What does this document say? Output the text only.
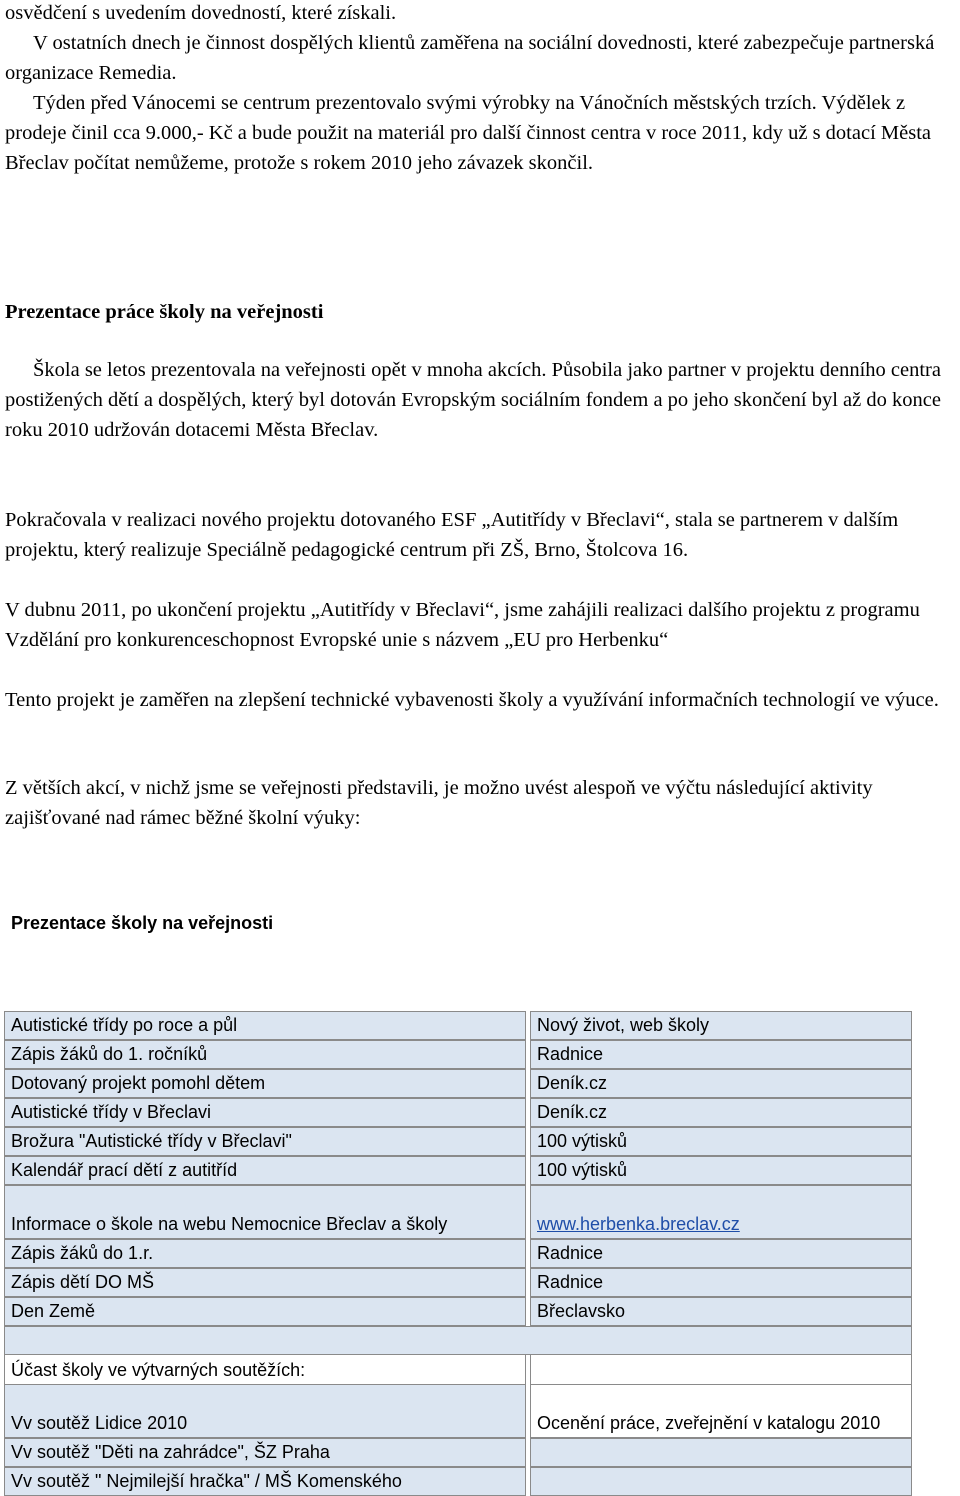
osvědčení s uvedením dovedností, které získali.

V ostatních dnech je činnost dospělých klientů zaměřena na sociální dovednosti, které zabezpečuje partnerská organizace Remedia.

Týden před Vánocemi se centrum prezentovalo svými výrobky na Vánočních městských trzích. Výdělek z prodeje činil cca 9.000,- Kč a bude použit na materiál pro další činnost centra v roce 2011, kdy už s dotací Města Břeclav počítat nemůžeme, protože s rokem 2010 jeho závazek skončil.

Prezentace práce školy na veřejnosti

Škola se letos prezentovala na veřejnosti opět v mnoha akcích. Působila jako partner v projektu denního centra postižených dětí a dospělých, který byl dotován Evropským sociálním fondem a po jeho skončení byl až do konce roku 2010 udržován dotacemi Města Břeclav.

Pokračovala v realizaci nového projektu dotovaného ESF „Autitřídy v Břeclavi“, stala se partnerem v dalším projektu, který realizuje Speciálně pedagogické centrum při ZŠ, Brno, Štolcova 16.

V dubnu 2011, po ukončení projektu „Autitřídy v Břeclavi“, jsme zahájili realizaci dalšího projektu z programu Vzdělání pro konkurenceschopnost Evropské unie s názvem „EU pro Herbenku“

Tento projekt je zaměřen na zlepšení technické vybavenosti školy a využívání informačních technologií ve výuce.

Z větších akcí, v nichž jsme se veřejnosti představili, je možno uvést alespoň ve výčtu následující aktivity zajišťované nad rámec běžné školní výuky:

Prezentace školy na veřejnosti
Autistické třídy po roce a půl	Nový život, web školy
Zápis žáků do 1. ročníků	Radnice
Dotovaný projekt pomohl dětem	Deník.cz
Autistické třídy v Břeclavi	Deník.cz
Brožura "Autistické třídy v Břeclavi"	100 výtisků
Kalendář prací dětí z autitříd	100 výtisků
Informace o škole na webu Nemocnice Břeclav a školy	www.herbenka.breclav.cz
Zápis žáků do 1.r.	Radnice
Zápis dětí DO MŠ	Radnice
Den Země	Břeclavsko
Účast školy ve výtvarných soutěžích:
Vv soutěž Lidice 2010	Ocenění práce, zveřejnění v katalogu 2010
Vv soutěž "Děti na zahrádce", ŠZ Praha
Vv soutěž " Nejmilejší hračka" / MŠ Komenského
